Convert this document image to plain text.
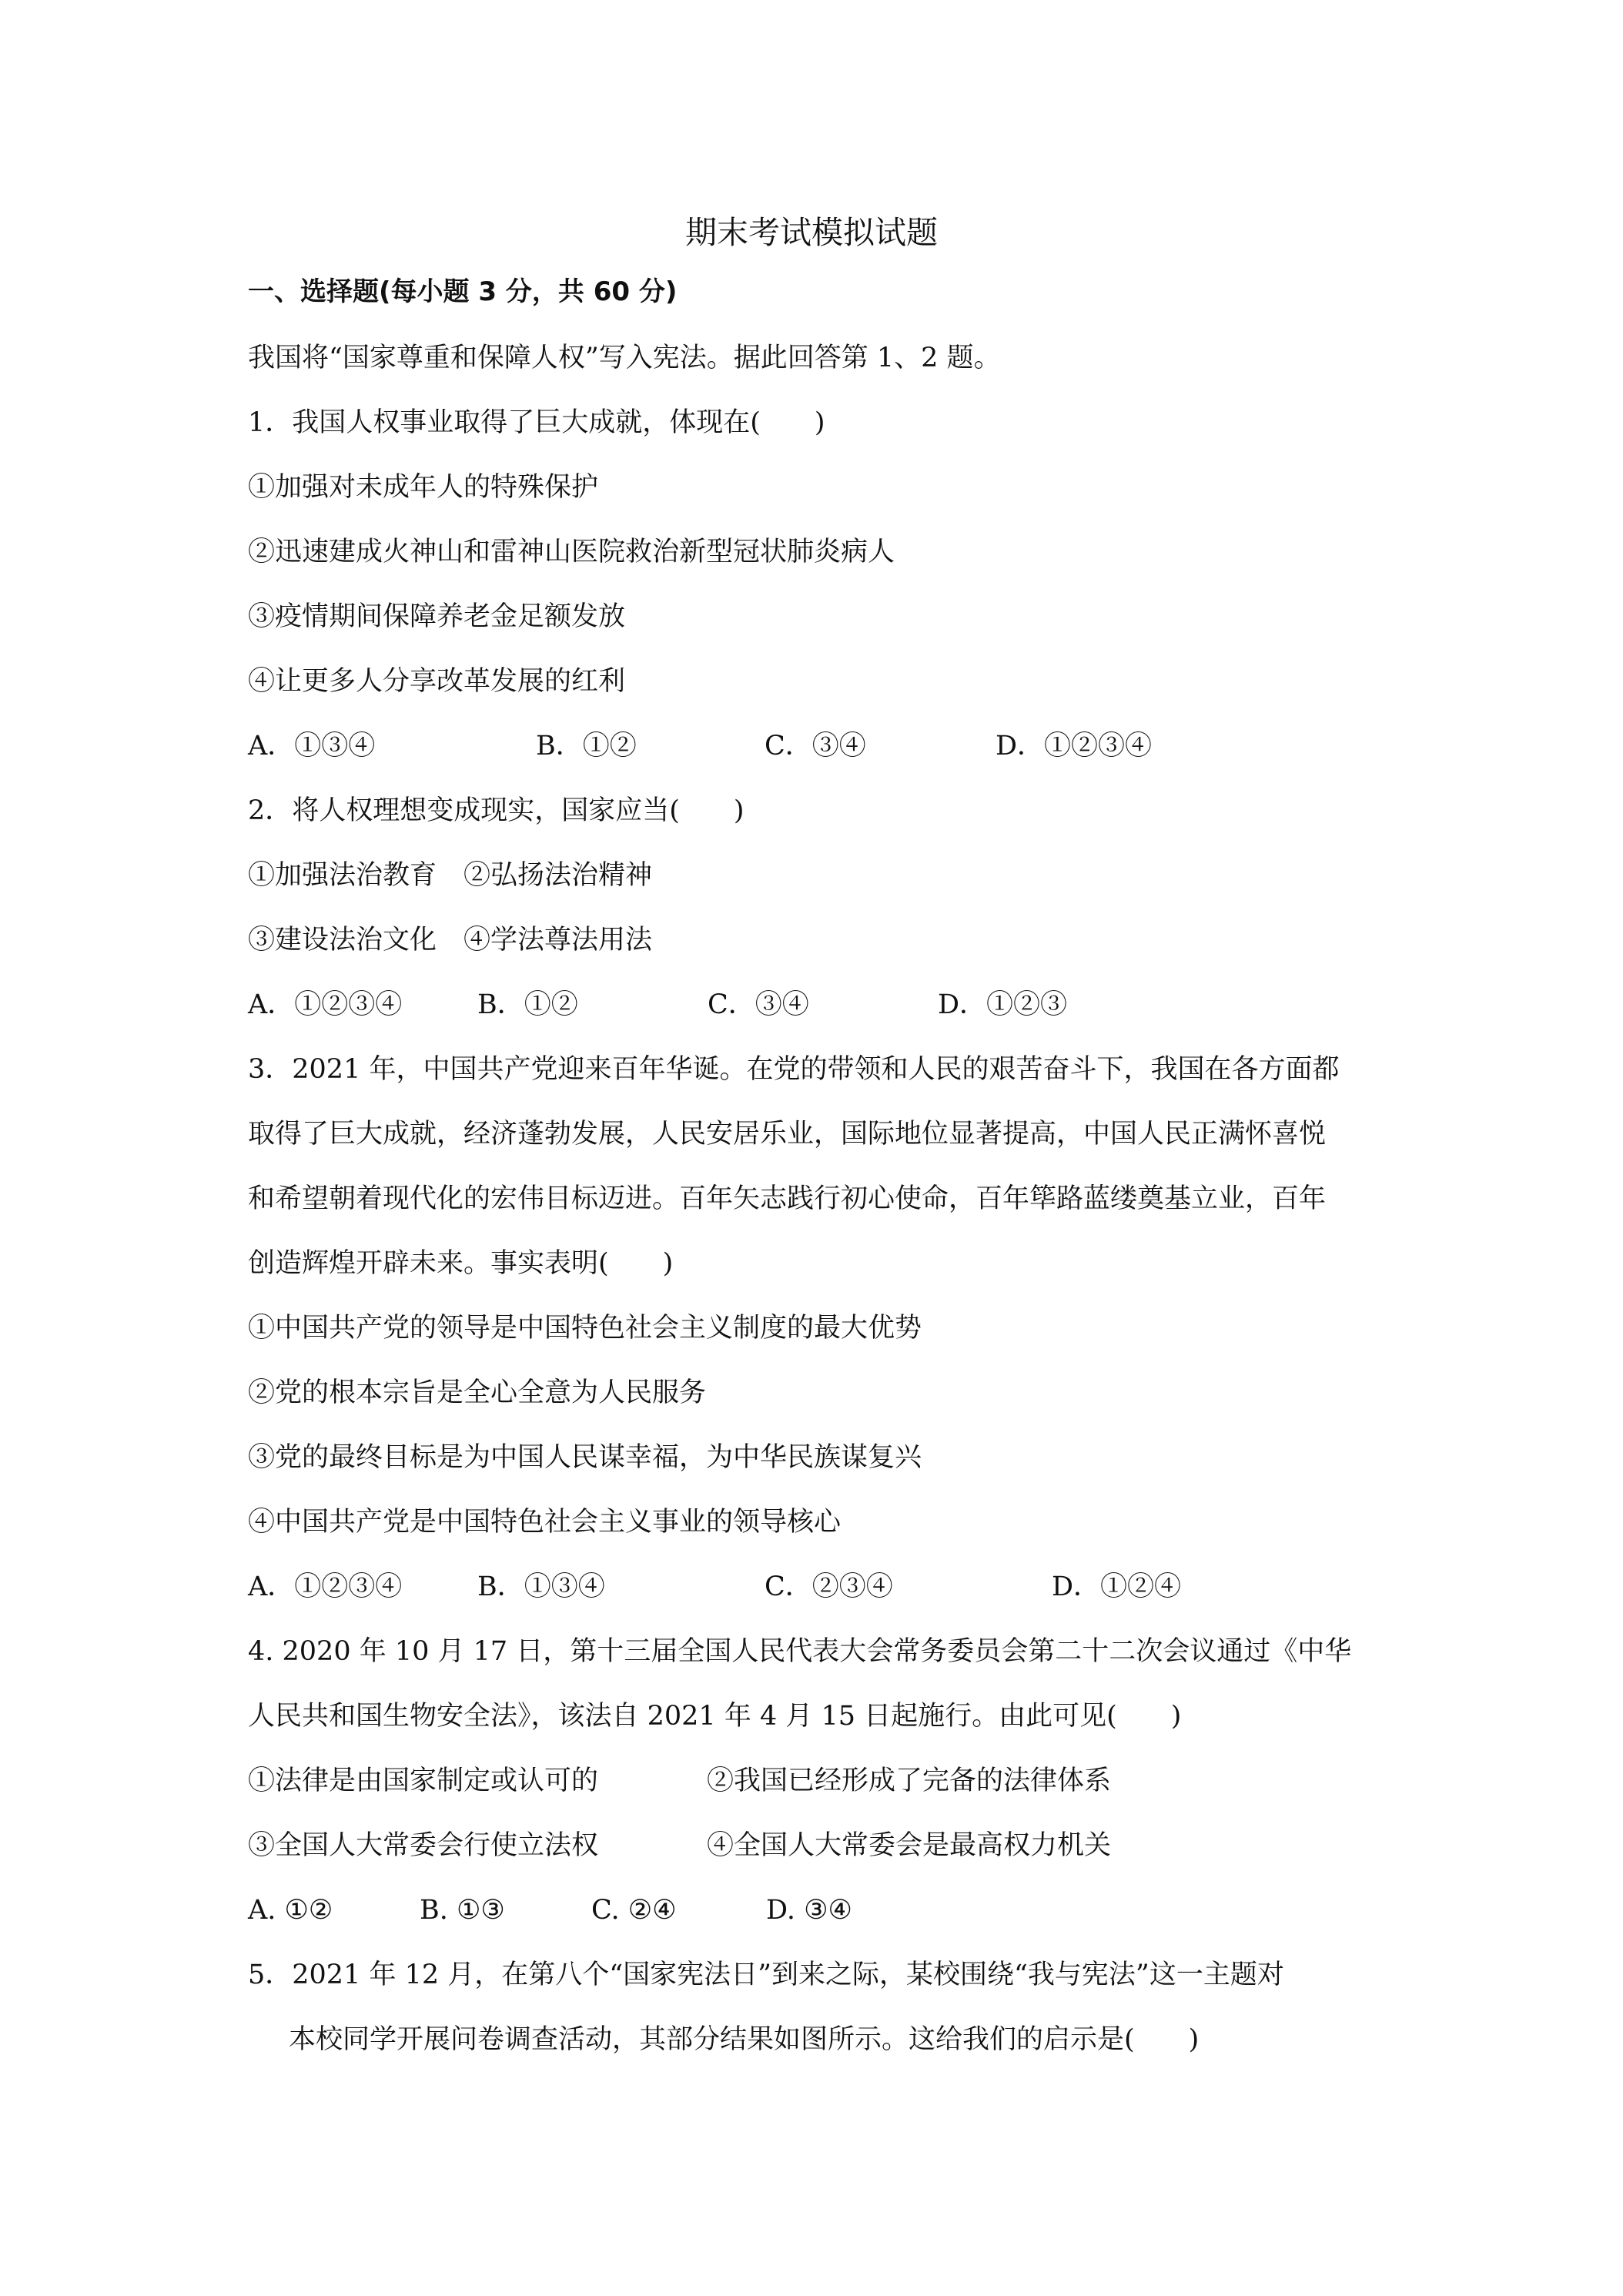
期末考试模拟试题
一、选择题(每小题 3 分，共 60 分)
我国将“国家尊重和保障人权”写入宪法。据此回答第 1、2 题。
1．我国人权事业取得了巨大成就，体现在(　　)
①加强对未成年人的特殊保护
②迅速建成火神山和雷神山医院救治新型冠状肺炎病人
③疫情期间保障养老金足额发放
④让更多人分享改革发展的红利
A．①③④	B．①②	C．③④	D．①②③④
2．将人权理想变成现实，国家应当(　　)
①加强法治教育　②弘扬法治精神
③建设法治文化　④学法尊法用法
A．①②③④	B．①②	C．③④	D．①②③
3．2021 年，中国共产党迎来百年华诞。在党的带领和人民的艰苦奋斗下，我国在各方面都
取得了巨大成就，经济蓬勃发展，人民安居乐业，国际地位显著提高，中国人民正满怀喜悦
和希望朝着现代化的宏伟目标迈进。百年矢志践行初心使命，百年筚路蓝缕奠基立业，百年
创造辉煌开辟未来。事实表明(　　)
①中国共产党的领导是中国特色社会主义制度的最大优势
②党的根本宗旨是全心全意为人民服务
③党的最终目标是为中国人民谋幸福，为中华民族谋复兴
④中国共产党是中国特色社会主义事业的领导核心
A．①②③④	B．①③④	C．②③④	D．①②④
4. 2020 年 10 月 17 日，第十三届全国人民代表大会常务委员会第二十二次会议通过《中华
人民共和国生物安全法》，该法自 2021 年 4 月 15 日起施行。由此可见(　　)
①法律是由国家制定或认可的	②我国已经形成了完备的法律体系
③全国人大常委会行使立法权	④全国人大常委会是最高权力机关
A. ①②	B. ①③	C. ②④	D. ③④
5．2021 年 12 月，在第八个“国家宪法日”到来之际，某校围绕“我与宪法”这一主题对
本校同学开展问卷调查活动，其部分结果如图所示。这给我们的启示是(　　)
